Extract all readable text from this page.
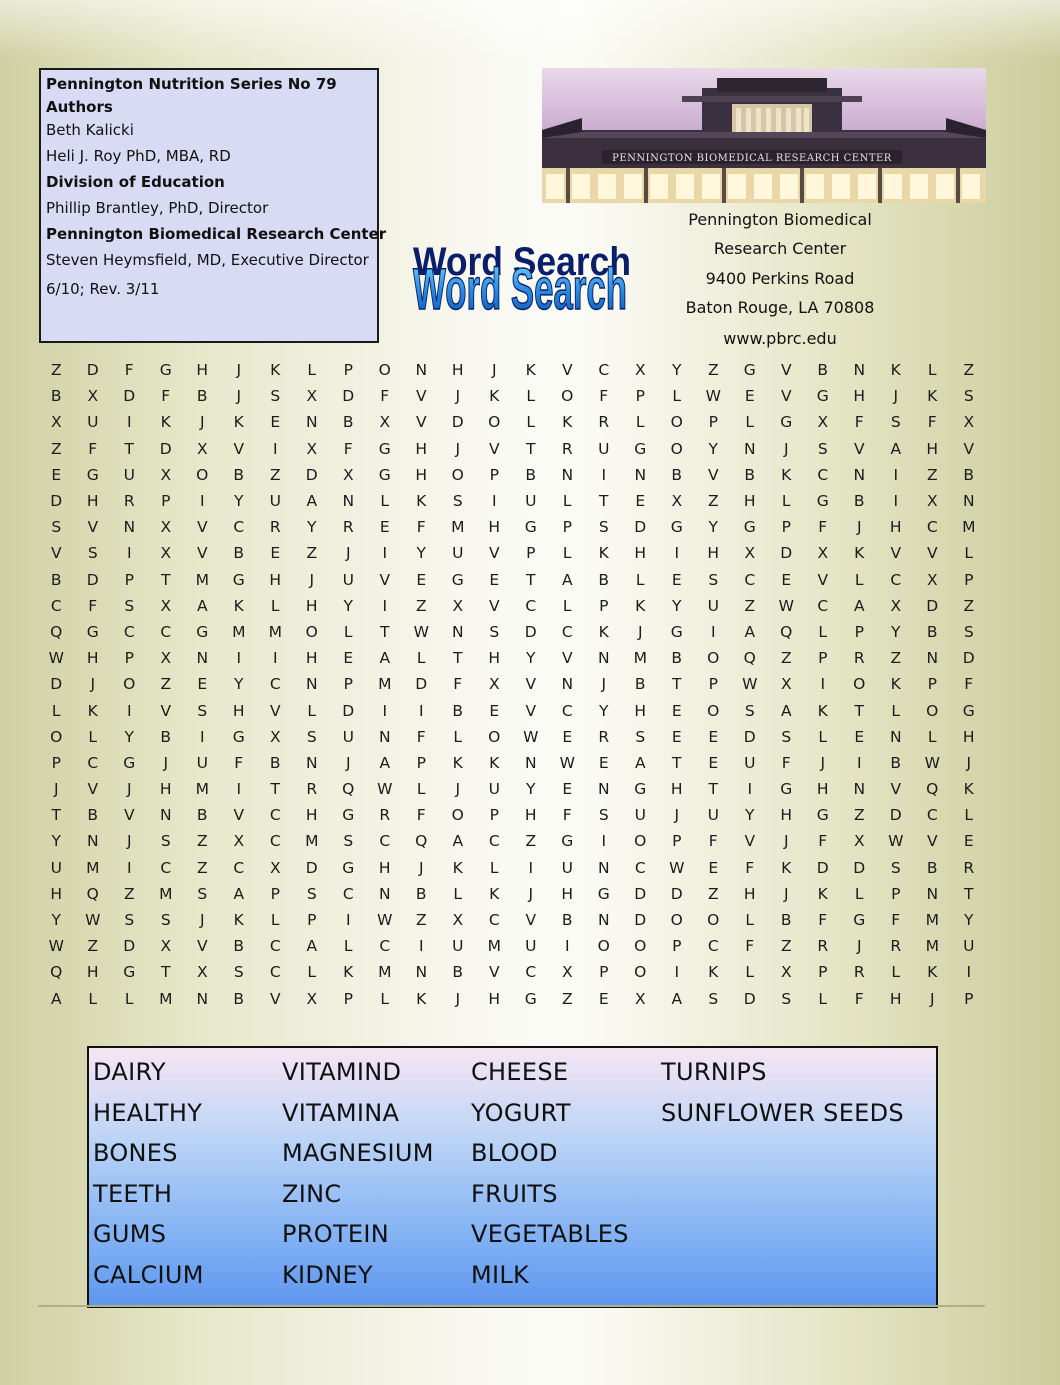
Pennington Nutrition Series No 79
Authors
Beth Kalicki
Heli J. Roy PhD, MBA, RD
Division of Education
Phillip Brantley, PhD, Director
Pennington Biomedical Research Center
Steven Heymsfield, MD, Executive Director
6/10; Rev. 3/11
PENNINGTON BIOMEDICAL RESEARCH CENTER
Pennington Biomedical
Research Center
9400 Perkins Road
Baton Rouge, LA 70808
www.pbrc.edu
Word Search
Word Search
Z	D	F	G	H	J	K	L	P	O	N	H	J	K	V	C	X	Y	Z	G	V	B	N	K	L	Z
B	X	D	F	B	J	S	X	D	F	V	J	K	L	O	F	P	L	W	E	V	G	H	J	K	S
X	U	I	K	J	K	E	N	B	X	V	D	O	L	K	R	L	O	P	L	G	X	F	S	F	X
Z	F	T	D	X	V	I	X	F	G	H	J	V	T	R	U	G	O	Y	N	J	S	V	A	H	V
E	G	U	X	O	B	Z	D	X	G	H	O	P	B	N	I	N	B	V	B	K	C	N	I	Z	B
D	H	R	P	I	Y	U	A	N	L	K	S	I	U	L	T	E	X	Z	H	L	G	B	I	X	N
S	V	N	X	V	C	R	Y	R	E	F	M	H	G	P	S	D	G	Y	G	P	F	J	H	C	M
V	S	I	X	V	B	E	Z	J	I	Y	U	V	P	L	K	H	I	H	X	D	X	K	V	V	L
B	D	P	T	M	G	H	J	U	V	E	G	E	T	A	B	L	E	S	C	E	V	L	C	X	P
C	F	S	X	A	K	L	H	Y	I	Z	X	V	C	L	P	K	Y	U	Z	W	C	A	X	D	Z
Q	G	C	C	G	M	M	O	L	T	W	N	S	D	C	K	J	G	I	A	Q	L	P	Y	B	S
W	H	P	X	N	I	I	H	E	A	L	T	H	Y	V	N	M	B	O	Q	Z	P	R	Z	N	D
D	J	O	Z	E	Y	C	N	P	M	D	F	X	V	N	J	B	T	P	W	X	I	O	K	P	F
L	K	I	V	S	H	V	L	D	I	I	B	E	V	C	Y	H	E	O	S	A	K	T	L	O	G
O	L	Y	B	I	G	X	S	U	N	F	L	O	W	E	R	S	E	E	D	S	L	E	N	L	H
P	C	G	J	U	F	B	N	J	A	P	K	K	N	W	E	A	T	E	U	F	J	I	B	W	J
J	V	J	H	M	I	T	R	Q	W	L	J	U	Y	E	N	G	H	T	I	G	H	N	V	Q	K
T	B	V	N	B	V	C	H	G	R	F	O	P	H	F	S	U	J	U	Y	H	G	Z	D	C	L
Y	N	J	S	Z	X	C	M	S	C	Q	A	C	Z	G	I	O	P	F	V	J	F	X	W	V	E
U	M	I	C	Z	C	X	D	G	H	J	K	L	I	U	N	C	W	E	F	K	D	D	S	B	R
H	Q	Z	M	S	A	P	S	C	N	B	L	K	J	H	G	D	D	Z	H	J	K	L	P	N	T
Y	W	S	S	J	K	L	P	I	W	Z	X	C	V	B	N	D	O	O	L	B	F	G	F	M	Y
W	Z	D	X	V	B	C	A	L	C	I	U	M	U	I	O	O	P	C	F	Z	R	J	R	M	U
Q	H	G	T	X	S	C	L	K	M	N	B	V	C	X	P	O	I	K	L	X	P	R	L	K	I
A	L	L	M	N	B	V	X	P	L	K	J	H	G	Z	E	X	A	S	D	S	L	F	H	J	P
DAIRY
HEALTHY
BONES
TEETH
GUMS
CALCIUM
VITAMIND
VITAMINA
MAGNESIUM
ZINC
PROTEIN
KIDNEY
CHEESE
YOGURT
BLOOD
FRUITS
VEGETABLES
MILK
TURNIPS
SUNFLOWER SEEDS
